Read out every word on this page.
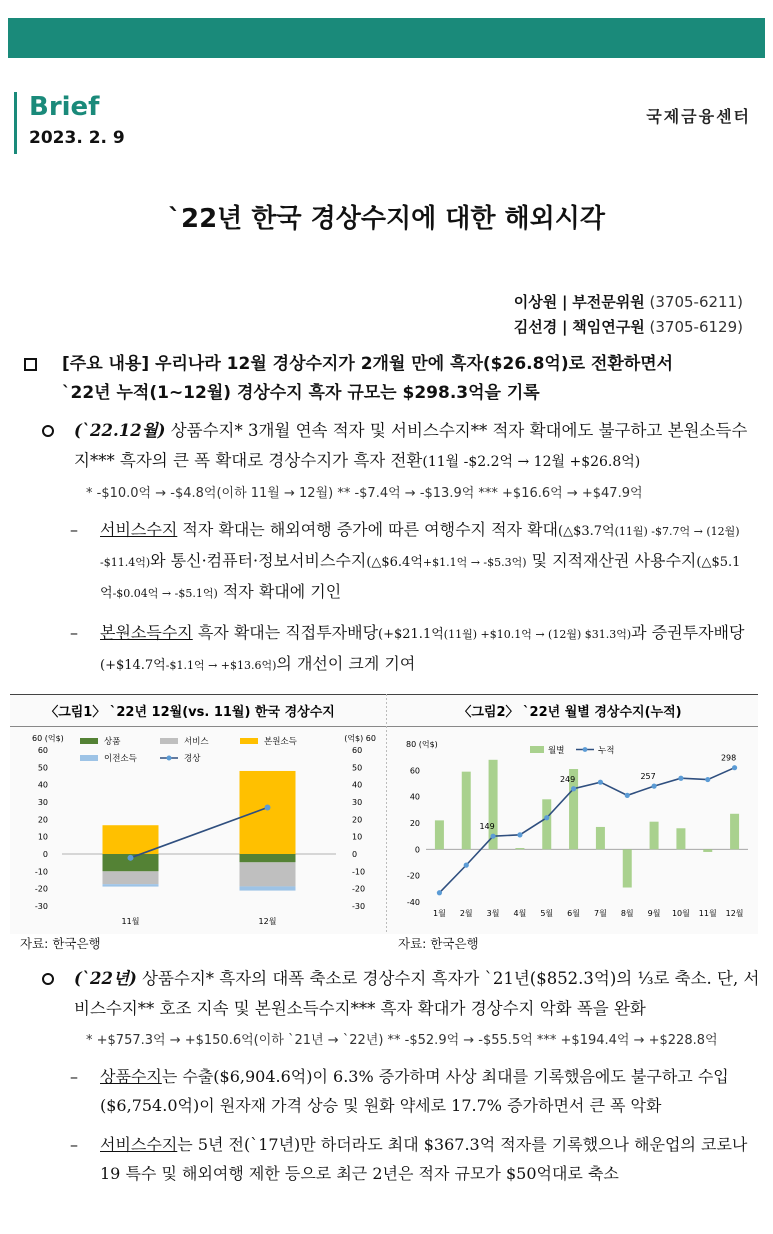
Brief
2023. 2. 9
국제금융센터
`22년 한국 경상수지에 대한 해외시각
이상원 | 부전문위원 (3705-6211)
김선경 | 책임연구원 (3705-6129)
[주요 내용] 우리나라 12월 경상수지가 2개월 만에 흑자($26.8억)로 전환하면서
`22년 누적(1~12월) 경상수지 흑자 규모는 $298.3억을 기록
(`22.12월) 상품수지* 3개월 연속 적자 및 서비스수지** 적자 확대에도 불구하고 본원소득수지*** 흑자의 큰 폭 확대로 경상수지가 흑자 전환(11월 -$2.2억 → 12월 +$26.8억)
* -$10.0억 → -$4.8억(이하 11월 → 12월) ** -$7.4억 → -$13.9억 *** +$16.6억 → +$47.9억
– 서비스수지 적자 확대는 해외여행 증가에 따른 여행수지 적자 확대(△$3.7억(11월) -$7.7억 → (12월) -$11.4억)와 통신·컴퓨터·정보서비스수지(△$6.4억+$1.1억 → -$5.3억) 및 지적재산권 사용수지(△$5.1억-$0.04억 → -$5.1억) 적자 확대에 기인
– 본원소득수지 흑자 확대는 직접투자배당(+$21.1억(11월) +$10.1억 → (12월) $31.3억)과 증권투자배당(+$14.7억-$1.1억 → +$13.6억)의 개선이 크게 기여
〈그림1〉 `22년 12월(vs. 11월) 한국 경상수지	〈그림2〉 `22년 월별 경상수지(누적)
-30	-30
-20	-20
-10	-10
0	0
10	10
20	20
30	30
40	40
50	50
60	60
60 (억$)	(억$) 60
11월	12월
상품	서비스	본원소득
이전소득	경상
-40
-20
0
20
40
60
80 (억$)
1월 2월 3월 4월 5월 6월 7월 8월 9월 10월 11월 12월
149
249	257
298
월별	누적
자료: 한국은행	자료: 한국은행
(`22년) 상품수지* 흑자의 대폭 축소로 경상수지 흑자가 `21년($852.3억)의 ⅓로 축소. 단, 서비스수지** 호조 지속 및 본원소득수지*** 흑자 확대가 경상수지 악화 폭을 완화
* +$757.3억 → +$150.6억(이하 `21년 → `22년) ** -$52.9억 → -$55.5억 *** +$194.4억 → +$228.8억
– 상품수지는 수출($6,904.6억)이 6.3% 증가하며 사상 최대를 기록했음에도 불구하고 수입($6,754.0억)이 원자재 가격 상승 및 원화 약세로 17.7% 증가하면서 큰 폭 악화
– 서비스수지는 5년 전(`17년)만 하더라도 최대 $367.3억 적자를 기록했으나 해운업의 코로나19 특수 및 해외여행 제한 등으로 최근 2년은 적자 규모가 $50억대로 축소
